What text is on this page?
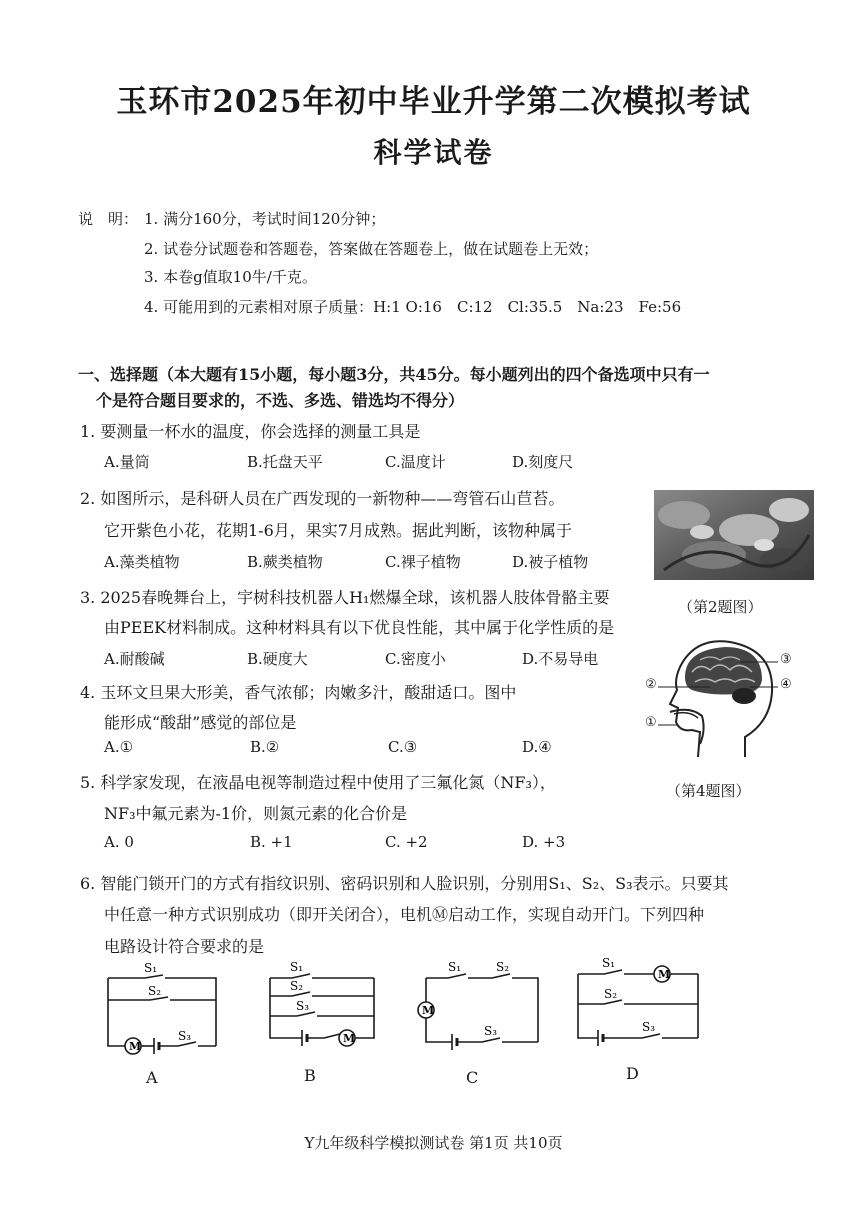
玉环市2025年初中毕业升学第二次模拟考试
科学试卷
说　明： 1. 满分160分，考试时间120分钟；
2. 试卷分试题卷和答题卷，答案做在答题卷上，做在试题卷上无效；
3. 本卷g值取10牛/千克。
4. 可能用到的元素相对原子质量：H:1 O:16　C:12　Cl:35.5　Na:23　Fe:56
一、选择题（本大题有15小题，每小题3分，共45分。每小题列出的四个备选项中只有一
个是符合题目要求的，不选、多选、错选均不得分）
1. 要测量一杯水的温度，你会选择的测量工具是
A.量筒	B.托盘天平	C.温度计	D.刻度尺
2. 如图所示，是科研人员在广西发现的一新物种——弯管石山苣苔。
它开紫色小花，花期1-6月，果实7月成熟。据此判断，该物种属于
A.藻类植物	B.蕨类植物	C.裸子植物	D.被子植物
（第2题图）
3. 2025春晚舞台上，宇树科技机器人H₁燃爆全球，该机器人肢体骨骼主要
由PEEK材料制成。这种材料具有以下优良性能，其中属于化学性质的是
A.耐酸碱	B.硬度大	C.密度小	D.不易导电
4. 玉环文旦果大形美，香气浓郁；肉嫩多汁，酸甜适口。图中
能形成“酸甜”感觉的部位是
A.①	B.②	C.③	D.④
②
①
③
④
（第4题图）
5. 科学家发现，在液晶电视等制造过程中使用了三氟化氮（NF₃），
NF₃中氟元素为-1价，则氮元素的化合价是
A. 0	B. +1	C. +2	D. +3
6. 智能门锁开门的方式有指纹识别、密码识别和人脸识别，分别用S₁、S₂、S₃表示。只要其
中任意一种方式识别成功（即开关闭合），电机Ⓜ启动工作，实现自动开门。下列四种
电路设计符合要求的是
M
S₁
S₂
S₃
A
M
S₁
S₂
S₃
B
M
S₁	S₂
S₃
C
M
S₁
S₂
S₃
D
Y九年级科学模拟测试卷 第1页 共10页
